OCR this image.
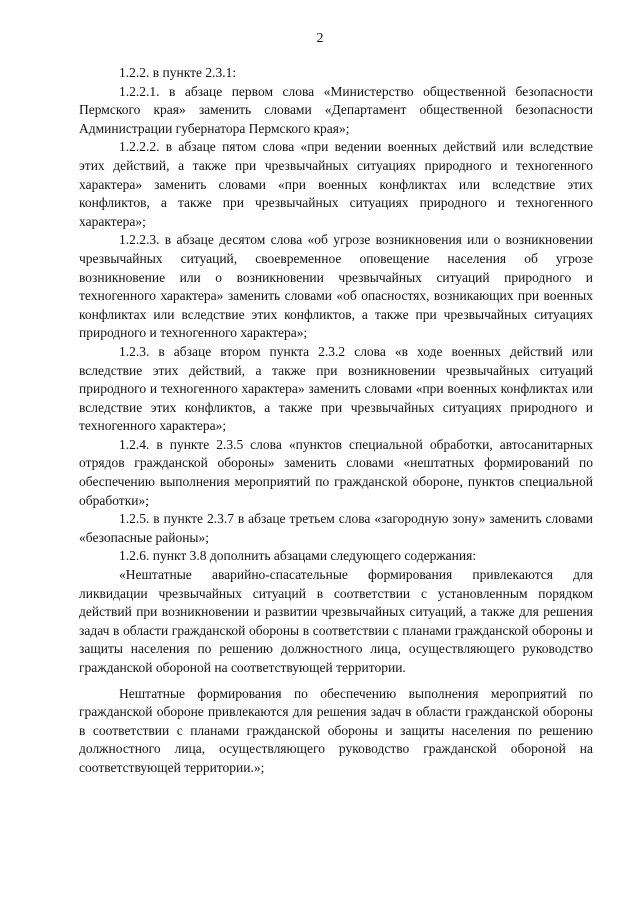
2

1.2.2. в пункте 2.3.1:

1.2.2.1. в абзаце первом слова «Министерство общественной безопасности Пермского края» заменить словами «Департамент общественной безопасности Администрации губернатора Пермского края»;

1.2.2.2. в абзаце пятом слова «при ведении военных действий или вследствие этих действий, а также при чрезвычайных ситуациях природного и техногенного характера» заменить словами «при военных конфликтах или вследствие этих конфликтов, а также при чрезвычайных ситуациях природного и техногенного характера»;

1.2.2.3. в абзаце десятом слова «об угрозе возникновения или о возникновении чрезвычайных ситуаций, своевременное оповещение населения об угрозе возникновение или о возникновении чрезвычайных ситуаций природного и техногенного характера» заменить словами «об опасностях, возникающих при военных конфликтах или вследствие этих конфликтов, а также при чрезвычайных ситуациях природного и техногенного характера»;

1.2.3. в абзаце втором пункта 2.3.2 слова «в ходе военных действий или вследствие этих действий, а также при возникновении чрезвычайных ситуаций природного и техногенного характера» заменить словами «при военных конфликтах или вследствие этих конфликтов, а также при чрезвычайных ситуациях природного и техногенного характера»;

1.2.4. в пункте 2.3.5 слова «пунктов специальной обработки, автосанитарных отрядов гражданской обороны» заменить словами «нештатных формирований по обеспечению выполнения мероприятий по гражданской обороне, пунктов специальной обработки»;

1.2.5. в пункте 2.3.7 в абзаце третьем слова «загородную зону» заменить словами «безопасные районы»;

1.2.6. пункт 3.8 дополнить абзацами следующего содержания:

«Нештатные аварийно-спасательные формирования привлекаются для ликвидации чрезвычайных ситуаций в соответствии с установленным порядком действий при возникновении и развитии чрезвычайных ситуаций, а также для решения задач в области гражданской обороны в соответствии с планами гражданской обороны и защиты населения по решению должностного лица, осуществляющего руководство гражданской обороной на соответствующей территории.

Нештатные формирования по обеспечению выполнения мероприятий по гражданской обороне привлекаются для решения задач в области гражданской обороны в соответствии с планами гражданской обороны и защиты населения по решению должностного лица, осуществляющего руководство гражданской обороной на соответствующей территории.»;
